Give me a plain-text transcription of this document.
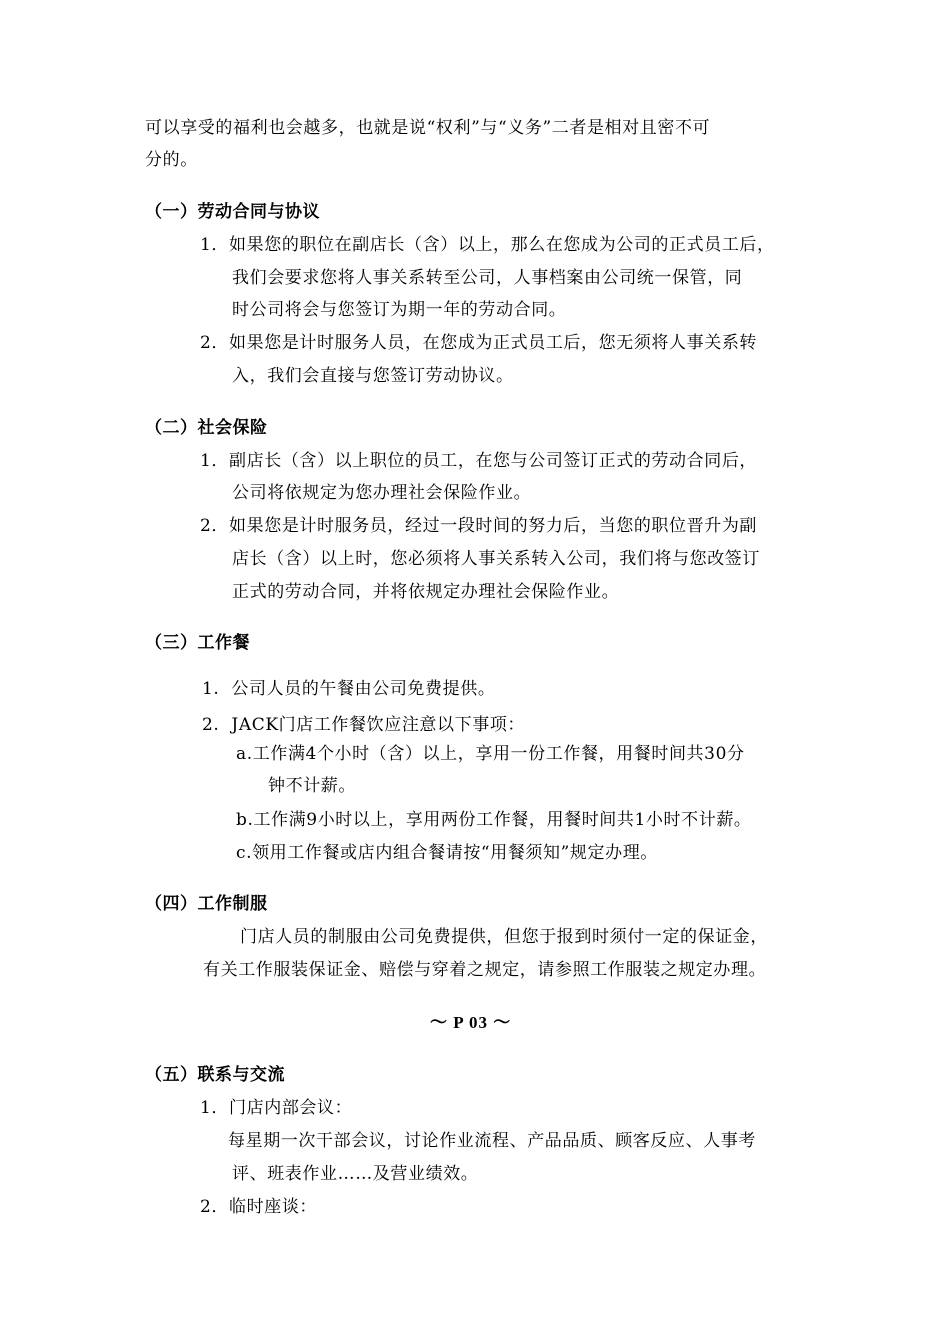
可以享受的福利也会越多，也就是说“权利”与“义务”二者是相对且密不可
分的。
（一）劳动合同与协议
1．如果您的职位在副店长（含）以上，那么在您成为公司的正式员工后，
我们会要求您将人事关系转至公司，人事档案由公司统一保管，同
时公司将会与您签订为期一年的劳动合同。
2．如果您是计时服务人员，在您成为正式员工后，您无须将人事关系转
入，我们会直接与您签订劳动协议。
（二）社会保险
1．副店长（含）以上职位的员工，在您与公司签订正式的劳动合同后，
公司将依规定为您办理社会保险作业。
2．如果您是计时服务员，经过一段时间的努力后，当您的职位晋升为副
店长（含）以上时，您必须将人事关系转入公司，我们将与您改签订
正式的劳动合同，并将依规定办理社会保险作业。
（三）工作餐
1.  公司人员的午餐由公司免费提供。
2.  JACK门店工作餐饮应注意以下事项：
a.工作满4个小时（含）以上，享用一份工作餐，用餐时间共30分
钟不计薪。
b.工作满9小时以上，享用两份工作餐，用餐时间共1小时不计薪。
c.领用工作餐或店内组合餐请按“用餐须知”规定办理。
（四）工作制服
门店人员的制服由公司免费提供，但您于报到时须付一定的保证金，
有关工作服装保证金、赔偿与穿着之规定，请参照工作服装之规定办理。
～ P 03 ～
（五）联系与交流
1．门店内部会议：
每星期一次干部会议，讨论作业流程、产品品质、顾客反应、人事考
评、班表作业……及营业绩效。
2．临时座谈：
